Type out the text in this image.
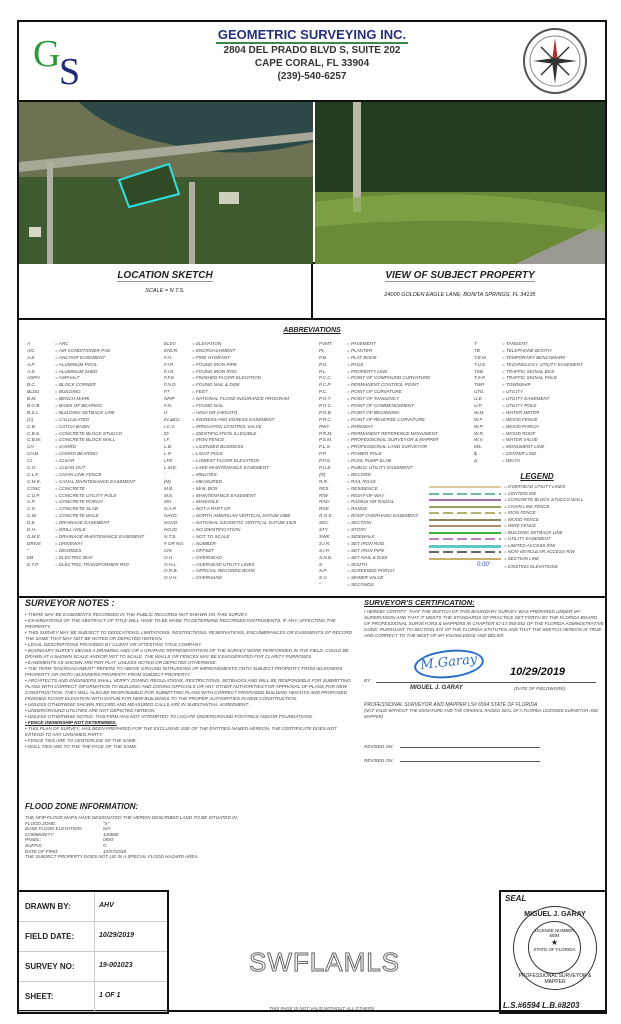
G
S
GEOMETRIC SURVEYING INC.
2804 DEL PRADO BLVD S, SUITE 202
CAPE CORAL, FL 33904
(239)-540-6257
LOCATION SKETCH

SCALE = N.T.S.

VIEW OF SUBJECT PROPERTY

24000 GOLDEN EAGLE LANE, BONITA SPRINGS, FL 34135

ABBREVIATIONS
A	= ARC
A/C	= AIR CONDITIONER PAD
A.E.	= ANCHOR EASEMENT
A.P.	= ALUMINUM POOL
A.S.	= ALUMINUM SHED
ASPH	= ASPHALT
B.C.	= BLOCK CORNER
BLDG	= BUILDING
B.M.	= BENCH MARK
B.O.B.	= BASIS OF BEARING
B.S.L.	= BUILDING SETBACK LINE
(C)	= CALCULATED
C.B.	= CATCH BASIN
C.B.S.	= CONCRETE BLOCK STUCCO
C.B.W.	= CONCRETE BLOCK WALL
CH	= CHORD
CH.B.	= CHORD BEARING
CL	= CLEAR
C.O.	= CLEAN OUT
C.L.F.	= CHAIN LINK FENCE
C.M.E.	= CANAL MAINTENANCE EASEMENT
CONC	= CONCRETE
C.U.P.	= CONCRETE UTILITY POLE
C.P.	= CONCRETE PORCH
C.S.	= CONCRETE SLAB
C.W.	= CONCRETE WALK
D.E.	= DRAINAGE EASEMENT
D.H.	= DRILL HOLE
D.M.E.	= DRAINAGE MAINTENANCE EASEMENT
DRIVE	= DRIVEWAY
°	= DEGREES
EB	= ELECTRIC BOX
E.T.P.	= ELECTRIC TRANSFORMER PAD
ELEV	= ELEVATION
ENCR.	= ENCROACHMENT
F.H.	= FIRE HYDRANT
F.I.P.	= FOUND IRON PIPE
F.I.R.	= FOUND IRON ROD
F.F.E.	= FINISHED FLOOR ELEVATION
F.N.D.	= FOUND NAIL & DISK
FT	= FEET
NFIP	= NATIONAL FLOOD INSURANCE PROGRAM
F.N.	= FOUND NAIL
H	= HIGH OR (HEIGHT)
IN.&EG. = INGRESS AND EGRESS EASEMENT
I.C.V.	= IRRIGATION CONTROL VALVE
ID	= IDENTIFICATION ILLEGIBLE
I.F.	= IRON FENCE
L.B.	= LICENSED BUSINESS
L.P.	= LIGHT POLE
LFE	= LOWEST FLOOR ELEVATION
L.M.E.	= LAKE MAINTENANCE EASEMENT
'	= MINUTES
(M)	= MEASURED
M.B.	= MAIL BOX
M.E.	= MAINTENANCE EASEMENT
MH	= MANHOLE
N.A.P.	= NOT A PART OF
NAVD	= NORTH AMERICAN VERTICAL DATUM 1988
NGVD	= NATIONAL GEODETIC VERTICAL DATUM 1929
NO.ID	= NO IDENTIFICATION
N.T.S.	= NOT TO SCALE
# OR NO. = NUMBER
O/S	= OFFSET
O.H.	= OVERHEAD
O.H.L.	= OVERHEAD UTILITY LINES
O.R.B.	= OFFICIAL RECORDS BOOK
O.V.H.	= OVERHANG
PVMT	= PAVEMENT
PL	= PLANTER
P.B.	= PLAT BOOK
P.G.	= PAGE
P.L.	= PROPERTY LINE
P.C.C.	= POINT OF COMPOUND CURVATURE
P.C.P.	= PERMANENT CONTROL POINT
P.C.	= POINT OF CURVATURE
P.O.T.	= POINT OF TANGENCY
P.O.C.	= POINT OF COMMENCEMENT
P.O.B.	= POINT OF BEGINNING
P.R.C.	= POINT OF REVERSE CURVATURE
PWY	= PARKWAY
P.R.M.	= PERMANENT REFERENCE MONUMENT
P.S.M.	= PROFESSIONAL SURVEYOR & MAPPER
P.L.S.	= PROFESSIONAL LAND SURVEYOR
P.P.	= POWER POLE
P.P.S.	= POOL PUMP SLAB
P.U.E.	= PUBLIC UTILITY EASEMENT
(R)	= RECORD
R.R.	= RAIL ROAD
RES.	= RESIDENCE
R/W	= RIGHT-OF-WAY
RAD.	= RADIUS OR RADIAL
RGE	= RANGE
R.O.E.	= ROOF OVERHANG EASEMENT
SEC.	= SECTION
STY	= STORY
SWK	= SIDEWALK
S.I.R.	= SET IRON ROD
S.I.P.	= SET IRON PIPE
S.N.D.	= SET NAIL & DISK
S	= SOUTH
S.P.	= SCREENED PORCH
S.V.	= SEWER VALVE
"	= SECONDS
T	= TANGENT
TB	= TELEPHONE BOOTH
T.B.M.	= TEMPORARY BENCHMARK
T.U.E.	= TECHNOLOGY UTILITY EASEMENT
TSB	= TRAFFIC SIGNAL BOX
T.S.P.	= TRAFFIC SIGNAL POLE
TWP	= TOWNSHIP
UTIL	= UTILITY
U.E.	= UTILITY EASEMENT
U.P.	= UTILITY POLE
W.M.	= WATER METER
W.F.	= WOOD FENCE
W.P.	= WOOD PORCH
W.R.	= WOOD ROOF
W.V.	= WATER VALVE
M/L	= MONUMENT LINE
℄	= CENTER LINE
Δ	= DELTA
LEGEND
= OVERHEAD UTILITY LINES
= CENTERLINE
= CONCRETE BLOCK STUCCO WALL
= CHAIN LINK FENCE
= IRON FENCE
= WOOD FENCE
= WIRE FENCE
= BUILDING SETBACK LINE
= UTILITY EASEMENT
= LIMITED ACCESS R/W
= NON-VEHICULAR ACCESS R/W
= SECTION LINE
0.00'	= EXISTING ELEVATIONS
SURVEYOR NOTES :
• THERE MAY BE EASEMENTS RECORDED IN THE PUBLIC RECORDS NOT SHOWN ON THIS SURVEY.
• EXAMINATIONS OF THE ABSTRACT OF TITLE WILL HAVE TO BE MADE TO DETERMINE RECORDED INSTRUMENTS, IF ANY, AFFECTING THE PROPERTY.
• THIS SURVEY MAY BE SUBJECT TO DEDICATIONS, LIMITATIONS, RESTRICTIONS, RESERVATIONS, ENCUMBRANCES OR EASEMENTS OF RECORD THE SAME THAT MAY NOT BE NOTED OR DEPICTED HEREON.
• LEGAL DESCRIPTIONS PROVIDED BY CLIENT OR ATTESTING TITLE COMPANY.
• BOUNDARY SURVEY MEANS A DRAWING AND/ OR A GRAPHIC REPRESENTATION OF THE SURVEY WORK PERFORMED IN THE FIELD, COULD BE DRAWN AT A SHOWN SCALE AND/OR NOT TO SCALE. THE WALLS OR FENCES MAY BE EXAGGERATED FOR CLARITY PURPOSES.
• EASEMENTS AS SHOWN ARE PER PLAT, UNLESS NOTED OR DEPICTED OTHERWISE.
• THE TERM "ENCROACHMENT" REFERS TO ABOVE GROUND INTRUSIONS OF IMPROVEMENTS ONTO SUBJECT PROPERTY FROM ADJOINERS PROPERTY OR ONTO ADJOINERS PROPERTY FROM SUBJECT PROPERTY.
• ARCHITECTS AND ENGINEERS SHALL VERIFY ZONING REGULATIONS, RESTRICTIONS, SETBACKS AND WILL BE RESPONSIBLE FOR SUBMITTING PLANS WITH CORRECT INFORMATION TO BUILDING AND ZONING OFFICIALS OR ANY OTHER AUTHORITIES FOR APPROVAL OF PLANS FOR NEW CONSTRUCTION. THEY WILL ALSO BE RESPONSIBLE FOR SUBMITTING PLANS WITH CORRECT PROPOSED BUILDING HEIGHTS AND PROPOSED FINISHED FLOOR ELEVATION WITH DATUM FOR NEW BUILDINGS TO THE PROPER AUTHORITIES IN NEW CONSTRUCTION.
• UNLESS OTHERWISE SHOWN RECORD AND MEASURED CALLS ARE IN SUBSTANTIAL AGREEMENT.
• UNDERGROUND UTILITIES ARE NOT DEPICTED HEREON.
• UNLESS OTHERWISE NOTED, THIS FIRM HAS NOT ATTEMPTED TO LOCATE UNDERGROUND FOOTINGS AND/OR FOUNDATIONS.
• FENCE OWNERSHIP NOT DETERMINED.
• THIS PLAN OF SURVEY, HAS BEEN PREPARED FOR THE EXCLUSIVE USE OF THE ENTITIES NAMED HEREON, THE CERTIFICATE DOES NOT EXTEND TO ANY UNNAMED PARTY.
• FENCE TIES ARE TO CENTERLINE OF THE SAME.
• WALL TIES ARE TO THE THE FACE OF THE SAME.
SURVEYOR'S CERTIFICATION:
I HEREBY CERTIFY: THAT THE SKETCH OF THIS BOUNDARY SURVEY WAS PREPARED UNDER MY SUPERVISION AND THAT IT MEETS THE STANDARDS OF PRACTICE SET FORTH BY THE FLORIDA BOARD OF PROFESSIONAL SURVEYORS & MAPPERS IN CHAPTER 5J-17.050-052 OF THE FLORIDA ADMINISTRATIVE CODE, PURSUANT TO SECTION 472 OF THE FLORIDA STATUTES AND THAT THE SKETCH HEREON IS TRUE AND CORRECT TO THE BEST OF MY KNOWLEDGE AND BELIEF.
M.Garay
BY:
10/29/2019
MIGUEL J. GARAY	(DATE OF FIELDWORK)
PROFESSIONAL SURVEYOR AND MAPPER LS# 6594 STATE OF FLORIDA
(NOT VALID WITHOUT THE SIGNATURE AND THE ORIGINAL RAISED SEAL OF A FLORIDA LICENSED SURVEYOR AND MAPPER)
REVISED ON:
REVISED ON:
FLOOD ZONE INFORMATION:
THE NFIP FLOOD MAPS HAVE DESIGNATED THE HEREIN DESCRIBED LAND TO BE SITUATED IN:
FLOOD ZONE:	"X"
BASE FLOOD ELEVATION:	N/A
COMMUNITY:	120680
PANEL:	0593
SUFFIX:	G
DATE OF FIRM:	12/07/2018
THE SUBJECT PROPERTY DOES NOT LIE IN A SPECIAL FLOOD HAZARD AREA.
DRAWN BY:	AHV
FIELD DATE:	10/29/2019
SURVEY NO:	19-001023
SHEET:	1 OF 1
SWFLAMLS
THIS PAGE IS NOT VALID WITHOUT ALL OTHERS
SEAL
MIGUEL J. GARAY
LICENSE NUMBER
6594
★
STATE OF FLORIDA
PROFESSIONAL SURVEYOR & MAPPER
L.S.#6594 L.B.#8203
